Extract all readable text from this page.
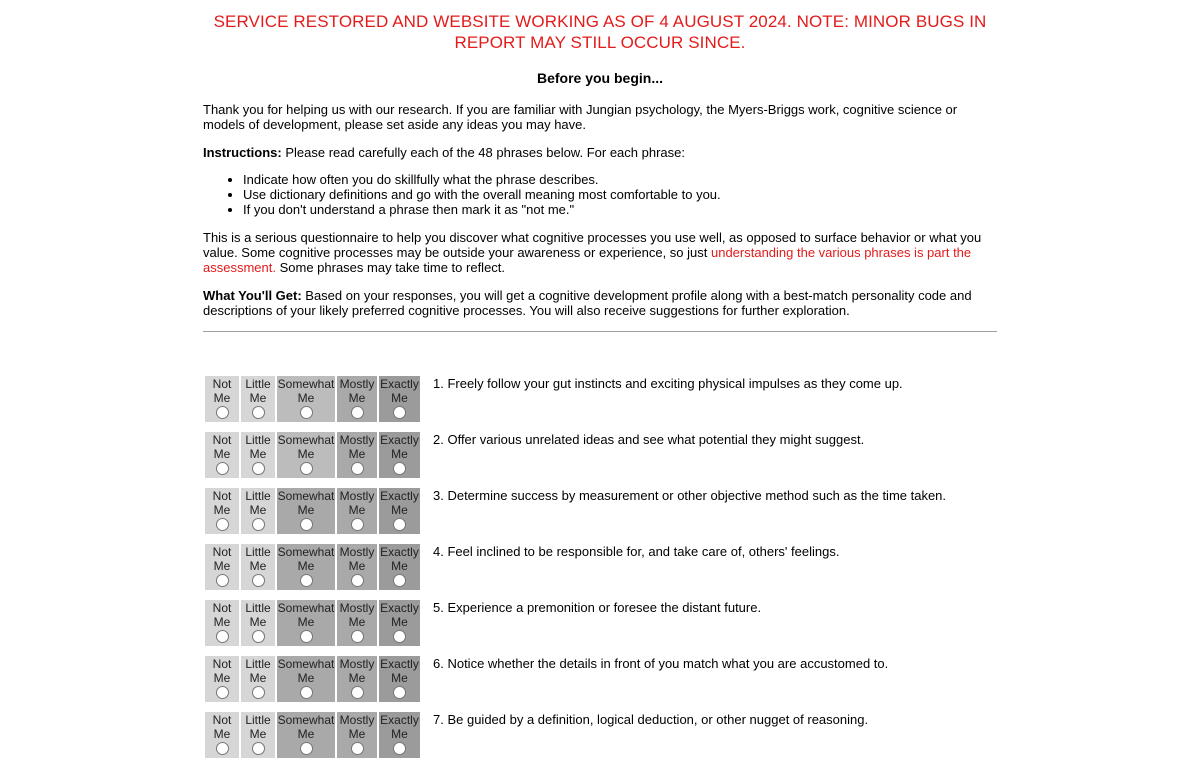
SERVICE RESTORED AND WEBSITE WORKING AS OF 4 AUGUST 2024. NOTE: MINOR BUGS IN REPORT MAY STILL OCCUR SINCE.
Before you begin...

Thank you for helping us with our research. If you are familiar with Jungian psychology, the Myers-Briggs work, cognitive science or models of development, please set aside any ideas you may have.

Instructions: Please read carefully each of the 48 phrases below. For each phrase:

• Indicate how often you do skillfully what the phrase describes.
• Use dictionary definitions and go with the overall meaning most comfortable to you.
• If you don't understand a phrase then mark it as "not me."

This is a serious questionnaire to help you discover what cognitive processes you use well, as opposed to surface behavior or what you value. Some cognitive processes may be outside your awareness or experience, so just understanding the various phrases is part the assessment. Some phrases may take time to reflect.

What You'll Get: Based on your responses, you will get a cognitive development profile along with a best-match personality code and descriptions of your likely preferred cognitive processes. You will also receive suggestions for further exploration.

Not
Me
Little
Me
Somewhat
Me
Mostly
Me
Exactly
Me
1. Freely follow your gut instincts and exciting physical impulses as they come up.
Not
Me
Little
Me
Somewhat
Me
Mostly
Me
Exactly
Me
2. Offer various unrelated ideas and see what potential they might suggest.
Not
Me
Little
Me
Somewhat
Me
Mostly
Me
Exactly
Me
3. Determine success by measurement or other objective method such as the time taken.
Not
Me
Little
Me
Somewhat
Me
Mostly
Me
Exactly
Me
4. Feel inclined to be responsible for, and take care of, others' feelings.
Not
Me
Little
Me
Somewhat
Me
Mostly
Me
Exactly
Me
5. Experience a premonition or foresee the distant future.
Not
Me
Little
Me
Somewhat
Me
Mostly
Me
Exactly
Me
6. Notice whether the details in front of you match what you are accustomed to.
Not
Me
Little
Me
Somewhat
Me
Mostly
Me
Exactly
Me
7. Be guided by a definition, logical deduction, or other nugget of reasoning.
